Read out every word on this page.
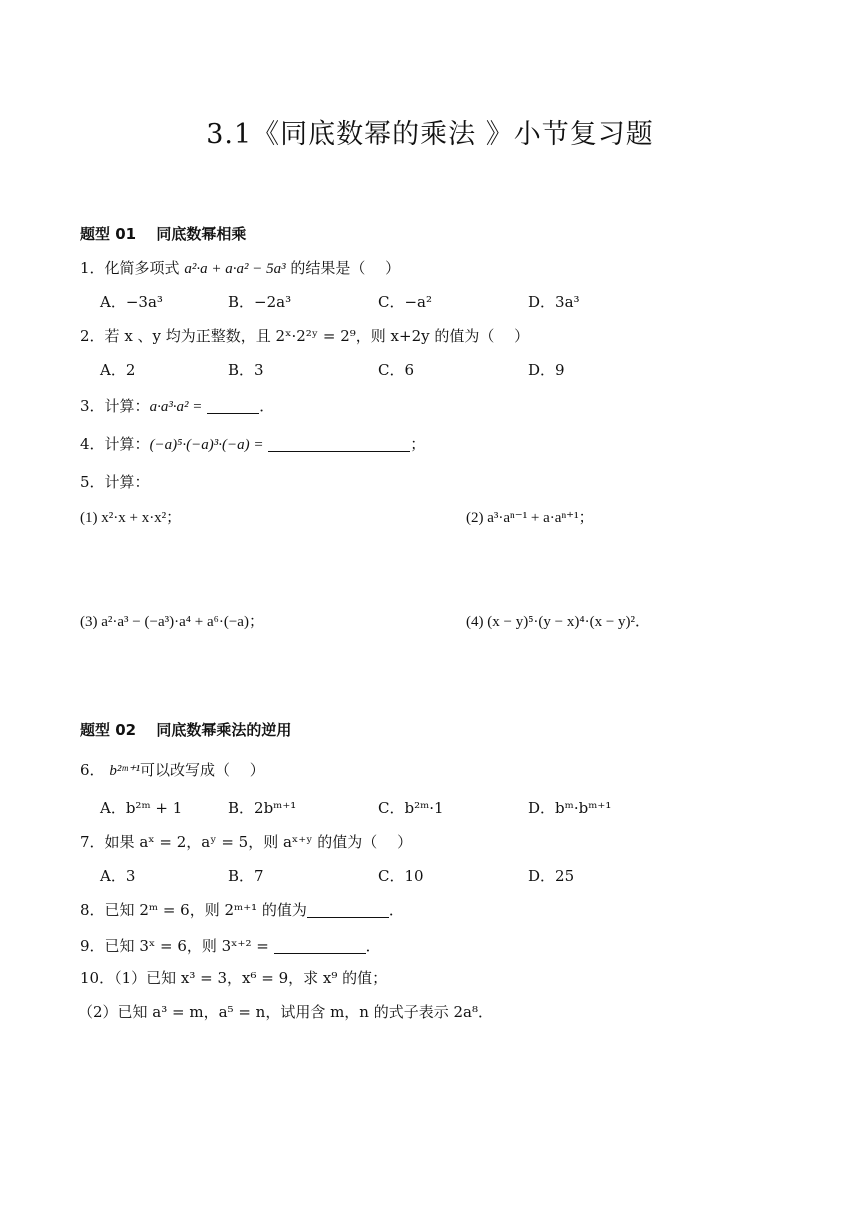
3.1《同底数幂的乘法 》小节复习题
题型 01　 同底数幂相乘
1．化简多项式 a²·a + a·a² − 5a³ 的结果是（　 ）
A．−3a³	B．−2a³	C．−a²	D．3a³
2．若 x 、y 均为正整数，且 2ˣ·2²ʸ = 2⁹，则 x+2y 的值为（　 ）
A．2	B．3	C．6	D．9
3．计算：a·a³·a² =	．
4．计算：(−a)⁵·(−a)³·(−a) =	；
5．计算：
(1) x²·x + x·x²；	(2) a³·aⁿ⁻¹ + a·aⁿ⁺¹；
(3) a²·a³ − (−a³)·a⁴ + a⁶·(−a)；	(4) (x − y)⁵·(y − x)⁴·(x − y)²．
题型 02　 同底数幂乘法的逆用
6． b²ᵐ⁺¹可以改写成（　 ）
A．b²ᵐ + 1	B．2bᵐ⁺¹	C．b²ᵐ·1	D．bᵐ·bᵐ⁺¹
7．如果 aˣ = 2，aʸ = 5，则 aˣ⁺ʸ 的值为（　 ）
A．3	B．7	C．10	D．25
8．已知 2ᵐ = 6，则 2ᵐ⁺¹ 的值为	．
9．已知 3ˣ = 6，则 3ˣ⁺² =	．
10．（1）已知 x³ = 3，x⁶ = 9，求 x⁹ 的值；
（2）已知 a³ = m，a⁵ = n，试用含 m，n 的式子表示 2a⁸．
